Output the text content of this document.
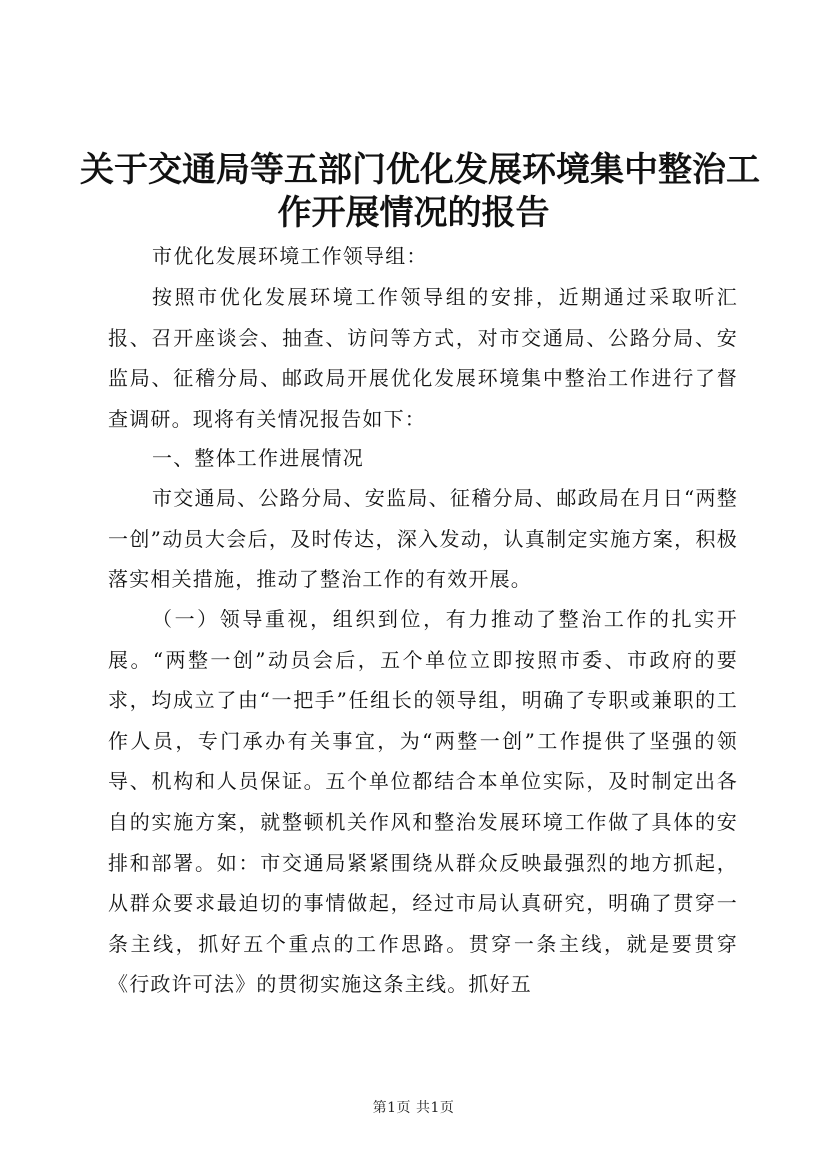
关于交通局等五部门优化发展环境集中整治工
作开展情况的报告

市优化发展环境工作领导组：

按照市优化发展环境工作领导组的安排，近期通过采取听汇报、召开座谈会、抽查、访问等方式，对市交通局、公路分局、安监局、征稽分局、邮政局开展优化发展环境集中整治工作进行了督查调研。现将有关情况报告如下：

一、整体工作进展情况

市交通局、公路分局、安监局、征稽分局、邮政局在月日“两整一创”动员大会后，及时传达，深入发动，认真制定实施方案，积极落实相关措施，推动了整治工作的有效开展。

（一）领导重视，组织到位，有力推动了整治工作的扎实开展。“两整一创”动员会后，五个单位立即按照市委、市政府的要求，均成立了由“一把手”任组长的领导组，明确了专职或兼职的工作人员，专门承办有关事宜，为“两整一创”工作提供了坚强的领导、机构和人员保证。五个单位都结合本单位实际，及时制定出各自的实施方案，就整顿机关作风和整治发展环境工作做了具体的安排和部署。如：市交通局紧紧围绕从群众反映最强烈的地方抓起，从群众要求最迫切的事情做起，经过市局认真研究，明确了贯穿一条主线，抓好五个重点的工作思路。贯穿一条主线，就是要贯穿《行政许可法》的贯彻实施这条主线。抓好五

第1页 共1页
